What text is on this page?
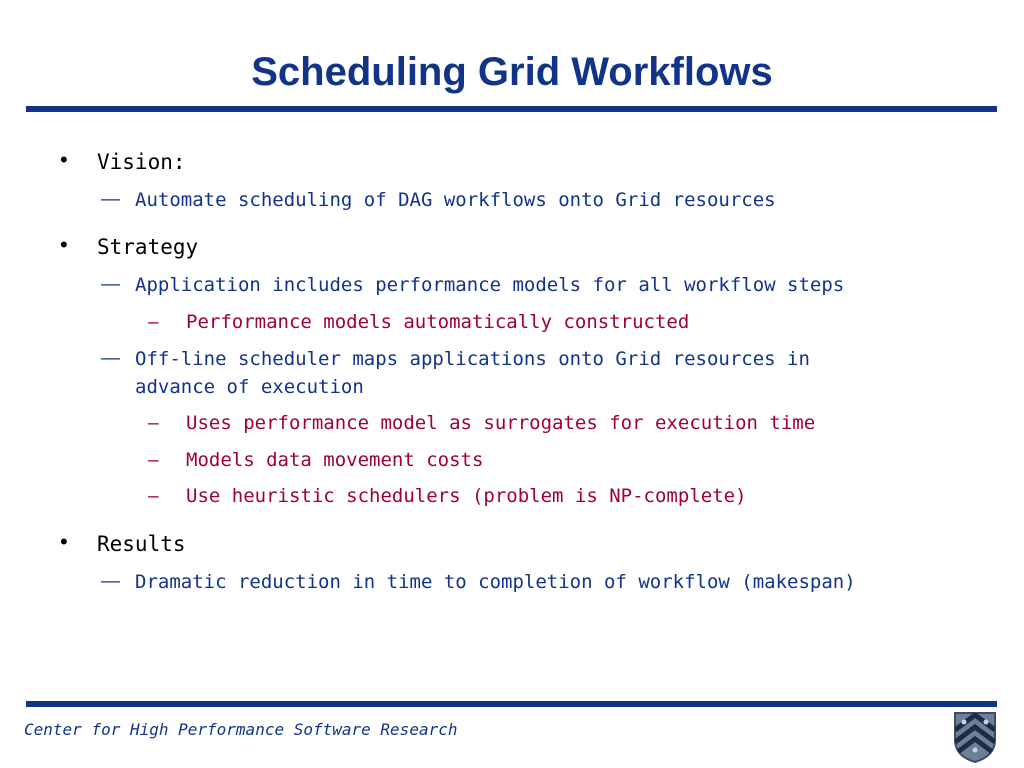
Scheduling Grid Workflows
• Vision:
— Automate scheduling of DAG workflows onto Grid resources
• Strategy
— Application includes performance models for all workflow steps
– Performance models automatically constructed
— Off-line scheduler maps applications onto Grid resources in
advance of execution
– Uses performance model as surrogates for execution time
– Models data movement costs
– Use heuristic schedulers (problem is NP-complete)
• Results
— Dramatic reduction in time to completion of workflow (makespan)
Center for High Performance Software Research
